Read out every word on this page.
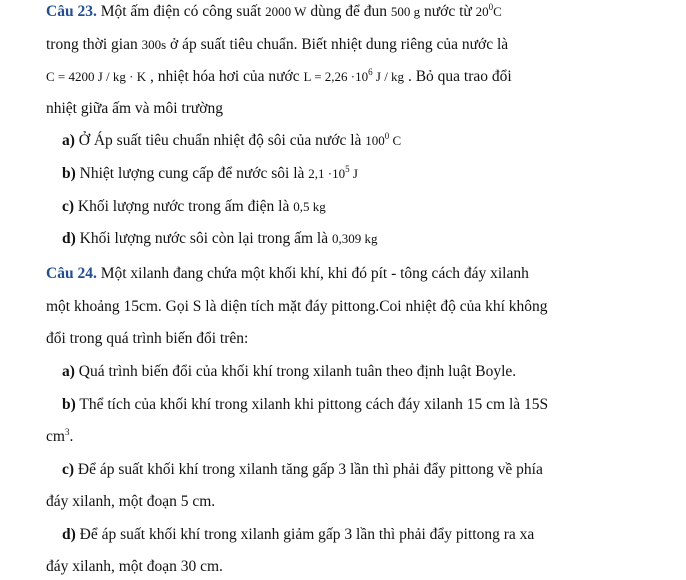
Câu 23. Một ấm điện có công suất 2000 W dùng để đun 500 g nước từ $20^0C$
trong thời gian 300s ở áp suất tiêu chuẩn. Biết nhiệt dung riêng của nước là
C = 4200 J / kg · K , nhiệt hóa hơi của nước $L = 2,26 \cdot 10^6$ J / kg . Bỏ qua trao đổi
nhiệt giữa ấm và môi trường
a) Ở Áp suất tiêu chuẩn nhiệt độ sôi của nước là $100^0$ C
b) Nhiệt lượng cung cấp để nước sôi là $2,1 \cdot 10^5$ J
c) Khối lượng nước trong ấm điện là 0,5 kg
d) Khối lượng nước sôi còn lại trong ấm là 0,309 kg
Câu 24. Một xilanh đang chứa một khối khí, khi đó pít - tông cách đáy xilanh
một khoảng 15cm. Gọi S là diện tích mặt đáy pittong.Coi nhiệt độ của khí không
đổi trong quá trình biến đổi trên:
a) Quá trình biến đổi của khối khí trong xilanh tuân theo định luật Boyle.
b) Thể tích của khối khí trong xilanh khi pittong cách đáy xilanh 15 cm là 15S
$cm^3$.
c) Để áp suất khối khí trong xilanh tăng gấp 3 lần thì phải đẩy pittong về phía
đáy xilanh, một đoạn 5 cm.
d) Để áp suất khối khí trong xilanh giảm gấp 3 lần thì phải đẩy pittong ra xa
đáy xilanh, một đoạn 30 cm.
